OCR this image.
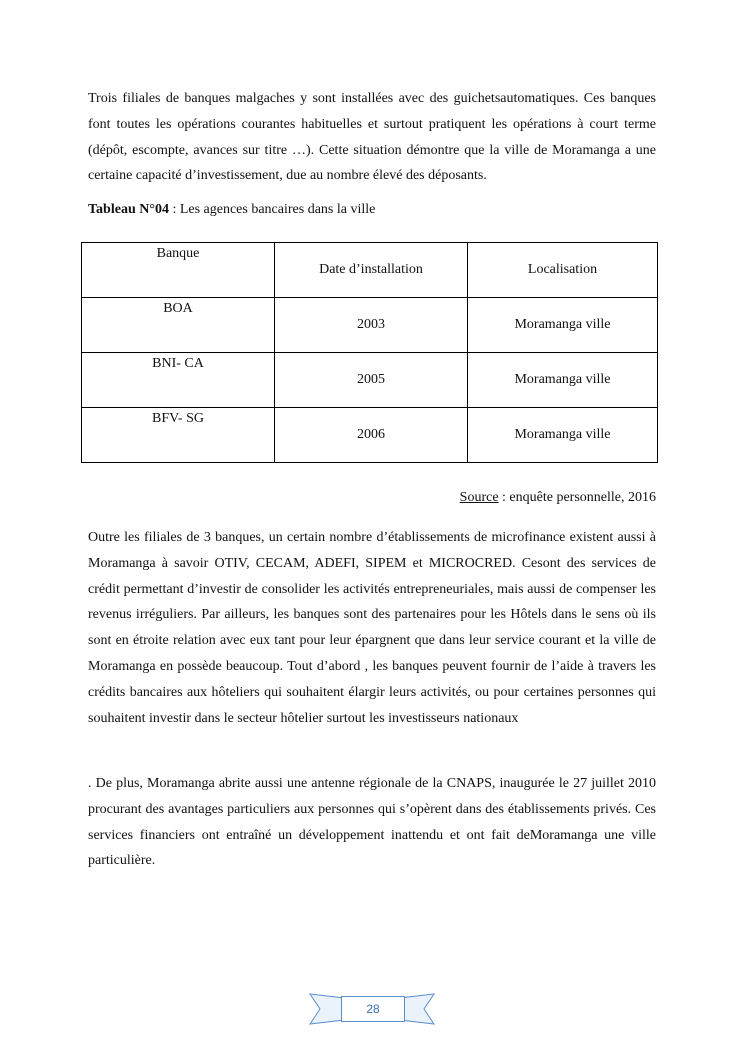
Trois filiales de banques malgaches y sont installées avec des guichetsautomatiques. Ces banques font toutes les opérations courantes habituelles et surtout pratiquent les opérations à court terme (dépôt, escompte, avances sur titre …). Cette situation démontre que la ville de Moramanga a une certaine capacité d’investissement, due au nombre élevé des déposants.

Tableau N°04 : Les agences bancaires dans la ville

Banque	Date d’installation	Localisation
BOA	2003	Moramanga ville
BNI- CA	2005	Moramanga ville
BFV- SG	2006	Moramanga ville

Source : enquête personnelle, 2016

Outre les filiales de 3 banques, un certain nombre d’établissements de microfinance existent aussi à Moramanga à savoir OTIV, CECAM, ADEFI, SIPEM et MICROCRED. Cesont des services de crédit permettant d’investir de consolider les activités entrepreneuriales, mais aussi de compenser les revenus irréguliers. Par ailleurs, les banques sont des partenaires pour les Hôtels dans le sens où ils sont en étroite relation avec eux tant pour leur épargnent que dans leur service courant et la ville de Moramanga en possède beaucoup. Tout d’abord , les banques peuvent fournir de l’aide à travers les crédits bancaires aux hôteliers qui souhaitent élargir leurs activités, ou pour certaines personnes qui souhaitent investir dans le secteur hôtelier surtout les investisseurs nationaux

. De plus, Moramanga abrite aussi une antenne régionale de la CNAPS, inaugurée le 27 juillet 2010 procurant des avantages particuliers aux personnes qui s’opèrent dans des établissements privés. Ces services financiers ont entraîné un développement inattendu et ont fait deMoramanga une ville particulière.

28
